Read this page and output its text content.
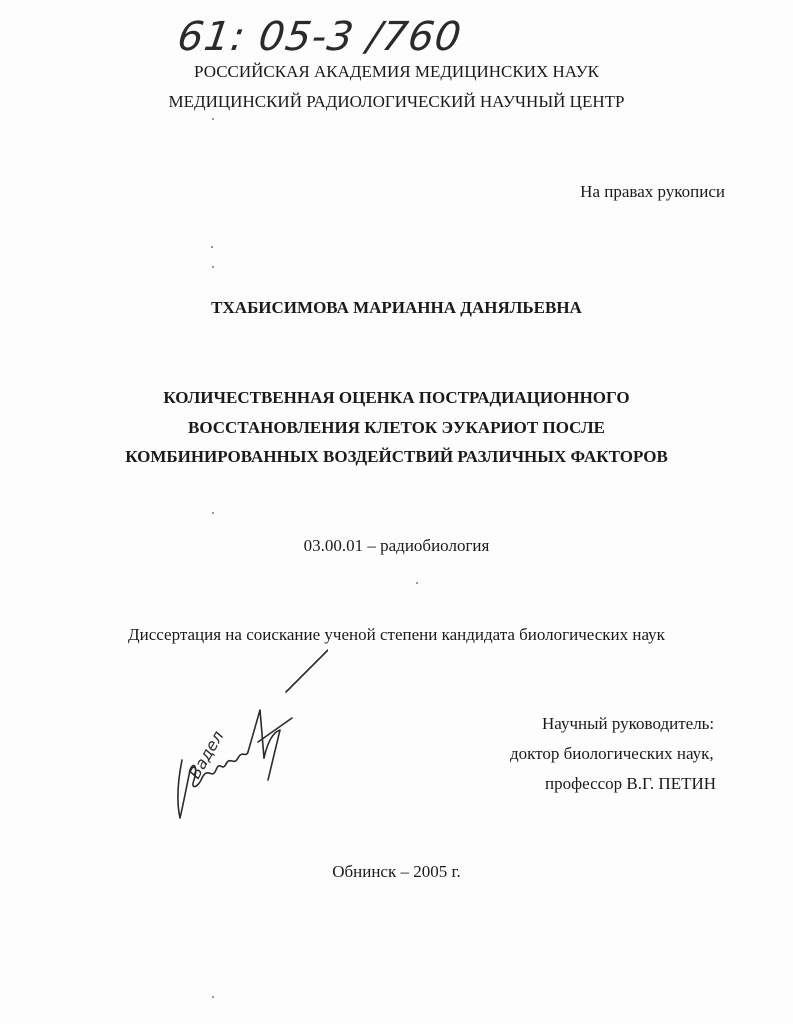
61: 05-3 /760
РОССИЙСКАЯ АКАДЕМИЯ МЕДИЦИНСКИХ НАУК
МЕДИЦИНСКИЙ РАДИОЛОГИЧЕСКИЙ НАУЧНЫЙ ЦЕНТР
На правах рукописи
ТХАБИСИМОВА МАРИАННА ДАНЯЛЬЕВНА
КОЛИЧЕСТВЕННАЯ ОЦЕНКА ПОСТРАДИАЦИОННОГО
ВОССТАНОВЛЕНИЯ КЛЕТОК ЭУКАРИОТ ПОСЛЕ
КОМБИНИРОВАННЫХ ВОЗДЕЙСТВИЙ РАЗЛИЧНЫХ ФАКТОРОВ
03.00.01 – радиобиология
Диссертация на соискание ученой степени кандидата биологических наук
Научный руководитель:
доктор биологических наук,
профессор В.Г. ПЕТИН
Обнинск – 2005 г.
Вадел
